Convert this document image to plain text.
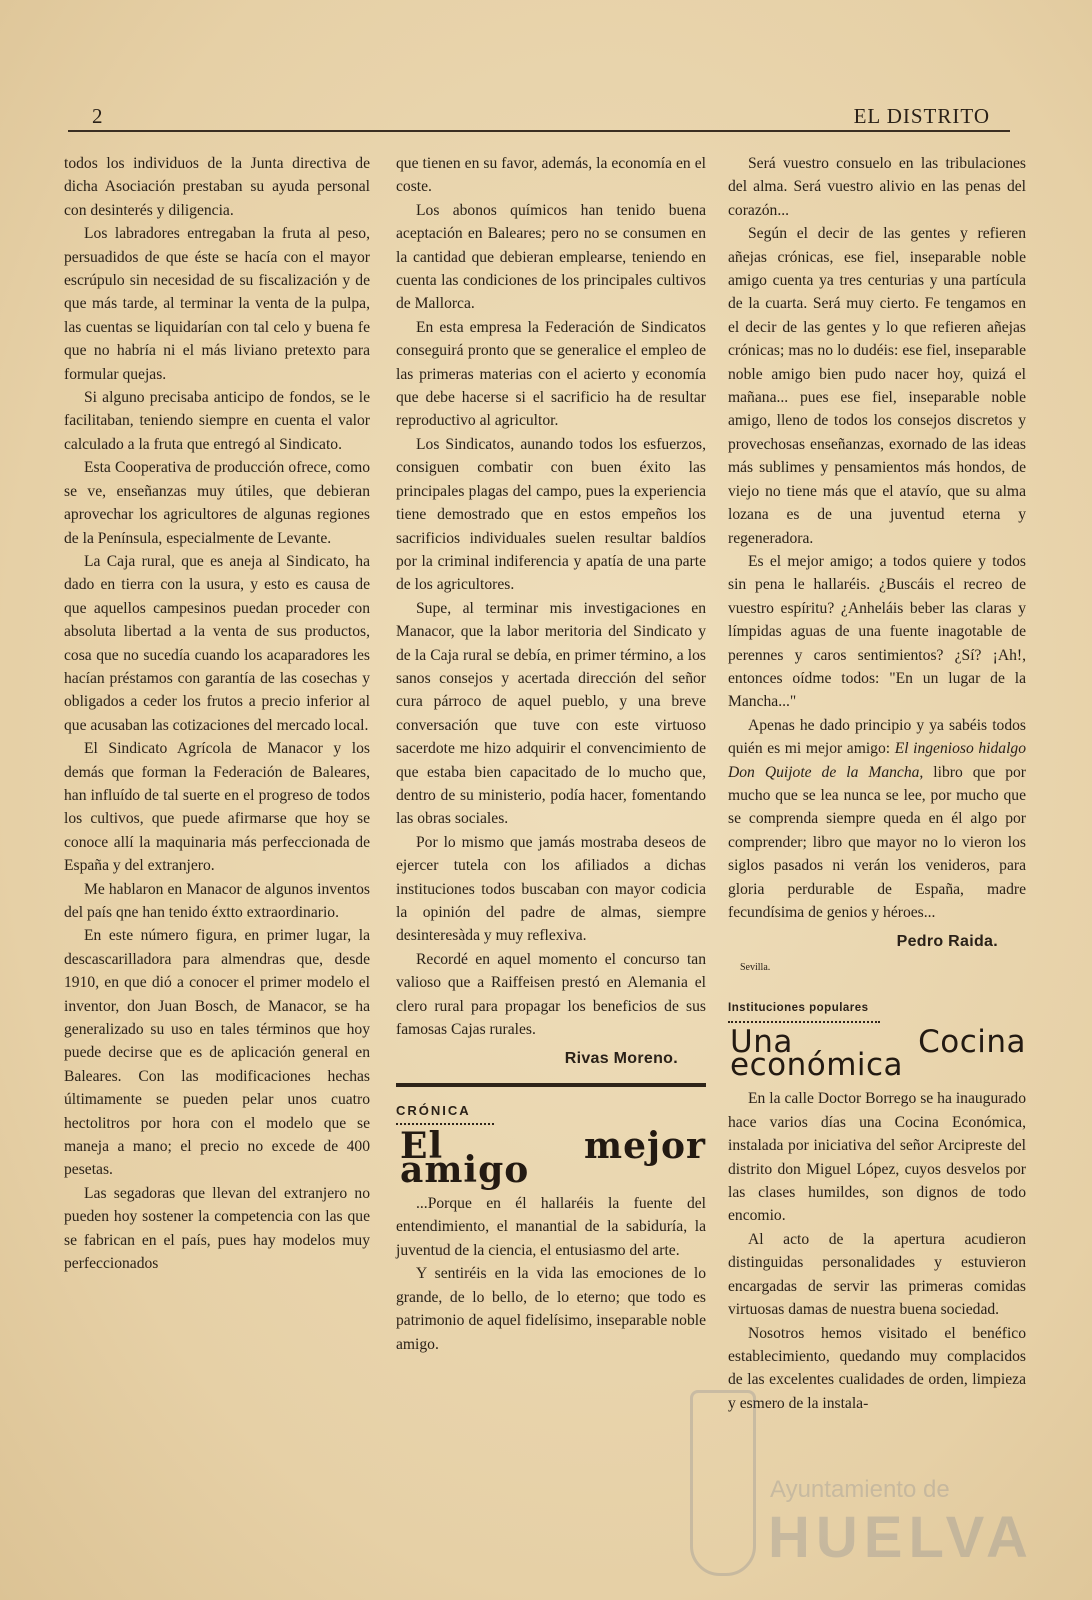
2	EL DISTRITO

todos los individuos de la Junta directiva de dicha Asociación prestaban su ayuda personal con desinterés y diligencia.

Los labradores entregaban la fruta al peso, persuadidos de que éste se hacía con el mayor escrúpulo sin necesidad de su fiscalización y de que más tarde, al terminar la venta de la pulpa, las cuentas se liquidarían con tal celo y buena fe que no habría ni el más liviano pretexto para formular quejas.

Si alguno precisaba anticipo de fondos, se le facilitaban, teniendo siempre en cuenta el valor calculado a la fruta que entregó al Sindicato.

Esta Cooperativa de producción ofrece, como se ve, enseñanzas muy útiles, que debieran aprovechar los agricultores de algunas regiones de la Península, especialmente de Levante.

La Caja rural, que es aneja al Sindicato, ha dado en tierra con la usura, y esto es causa de que aquellos campesinos puedan proceder con absoluta libertad a la venta de sus productos, cosa que no sucedía cuando los acaparadores les hacían préstamos con garantía de las cosechas y obligados a ceder los frutos a precio inferior al que acusaban las cotizaciones del mercado local.

El Sindicato Agrícola de Manacor y los demás que forman la Federación de Baleares, han influído de tal suerte en el progreso de todos los cultivos, que puede afirmarse que hoy se conoce allí la maquinaria más perfeccionada de España y del extranjero.

Me hablaron en Manacor de algunos inventos del país qne han tenido éxtto extraordinario.

En este número figura, en primer lugar, la descascarilladora para almendras que, desde 1910, en que dió a conocer el primer modelo el inventor, don Juan Bosch, de Manacor, se ha generalizado su uso en tales términos que hoy puede decirse que es de aplicación general en Baleares. Con las modificaciones hechas últimamente se pueden pelar unos cuatro hectolitros por hora con el modelo que se maneja a mano; el precio no excede de 400 pesetas.

Las segadoras que llevan del extranjero no pueden hoy sostener la competencia con las que se fabrican en el país, pues hay modelos muy perfeccionados

que tienen en su favor, además, la economía en el coste.

Los abonos químicos han tenido buena aceptación en Baleares; pero no se consumen en la cantidad que debieran emplearse, teniendo en cuenta las condiciones de los principales cultivos de Mallorca.

En esta empresa la Federación de Sindicatos conseguirá pronto que se generalice el empleo de las primeras materias con el acierto y economía que debe hacerse si el sacrificio ha de resultar reproductivo al agricultor.

Los Sindicatos, aunando todos los esfuerzos, consiguen combatir con buen éxito las principales plagas del campo, pues la experiencia tiene demostrado que en estos empeños los sacrificios individuales suelen resultar baldíos por la criminal indiferencia y apatía de una parte de los agricultores.

Supe, al terminar mis investigaciones en Manacor, que la labor meritoria del Sindicato y de la Caja rural se debía, en primer término, a los sanos consejos y acertada dirección del señor cura párroco de aquel pueblo, y una breve conversación que tuve con este virtuoso sacerdote me hizo adquirir el convencimiento de que estaba bien capacitado de lo mucho que, dentro de su ministerio, podía hacer, fomentando las obras sociales.

Por lo mismo que jamás mostraba deseos de ejercer tutela con los afiliados a dichas instituciones todos buscaban con mayor codicia la opinión del padre de almas, siempre desinteresàda y muy reflexiva.

Recordé en aquel momento el concurso tan valioso que a Raiffeisen prestó en Alemania el clero rural para propagar los beneficios de sus famosas Cajas rurales.

Rivas Moreno.
CRÓNICA
El mejor amigo

...Porque en él hallaréis la fuente del entendimiento, el manantial de la sabiduría, la juventud de la ciencia, el entusiasmo del arte.

Y sentiréis en la vida las emociones de lo grande, de lo bello, de lo eterno; que todo es patrimonio de aquel fidelísimo, inseparable noble amigo.

Será vuestro consuelo en las tribulaciones del alma. Será vuestro alivio en las penas del corazón...

Según el decir de las gentes y refieren añejas crónicas, ese fiel, inseparable noble amigo cuenta ya tres centurias y una partícula de la cuarta. Será muy cierto. Fe tengamos en el decir de las gentes y lo que refieren añejas crónicas; mas no lo dudéis: ese fiel, inseparable noble amigo bien pudo nacer hoy, quizá el mañana... pues ese fiel, inseparable noble amigo, lleno de todos los consejos discretos y provechosas enseñanzas, exornado de las ideas más sublimes y pensamientos más hondos, de viejo no tiene más que el atavío, que su alma lozana es de una juventud eterna y regeneradora.

Es el mejor amigo; a todos quiere y todos sin pena le hallaréis. ¿Buscáis el recreo de vuestro espíritu? ¿Anheláis beber las claras y límpidas aguas de una fuente inagotable de perennes y caros sentimientos? ¿Sí? ¡Ah!, entonces oídme todos: "En un lugar de la Mancha..."

Apenas he dado principio y ya sabéis todos quién es mi mejor amigo: El ingenioso hidalgo Don Quijote de la Mancha, libro que por mucho que se lea nunca se lee, por mucho que se comprenda siempre queda en él algo por comprender; libro que mayor no lo vieron los siglos pasados ni verán los venideros, para gloria perdurable de España, madre fecundísima de genios y héroes...

Pedro Raida.
Sevilla.
Instituciones populares
Una Cocina económica

En la calle Doctor Borrego se ha inaugurado hace varios días una Cocina Económica, instalada por iniciativa del señor Arcipreste del distrito don Miguel López, cuyos desvelos por las clases humildes, son dignos de todo encomio.

Al acto de la apertura acudieron distinguidas personalidades y estuvieron encargadas de servir las primeras comidas virtuosas damas de nuestra buena sociedad.

Nosotros hemos visitado el benéfico establecimiento, quedando muy complacidos de las excelentes cualidades de orden, limpieza y esmero de la instala-

Ayuntamiento de
HUELVA
